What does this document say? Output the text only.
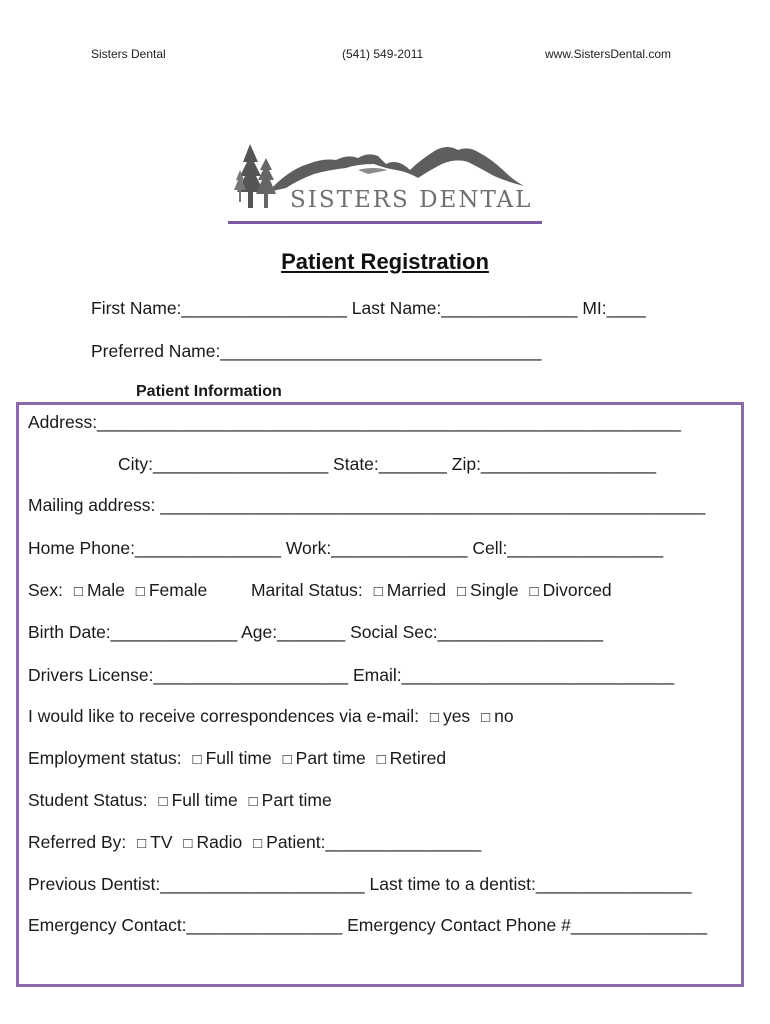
Sisters Dental	(541) 549-2011	www.SistersDental.com
SISTERS DENTAL
Patient Registration
First Name:_________________ Last Name:______________ MI:____
Preferred Name:_________________________________
Patient Information
Address:____________________________________________________________
City:__________________ State:_______ Zip:__________________
Mailing address: ________________________________________________________
Home Phone:_______________ Work:______________ Cell:________________
Sex: □ Male □ Female	Marital Status: □ Married □ Single □ Divorced
Birth Date:_____________ Age:_______ Social Sec:_________________
Drivers License:____________________ Email:____________________________
I would like to receive correspondences via e-mail: □ yes □ no
Employment status: □ Full time □ Part time □ Retired
Student Status: □ Full time □ Part time
Referred By: □ TV □ Radio □ Patient:________________
Previous Dentist:_____________________ Last time to a dentist:________________
Emergency Contact:________________ Emergency Contact Phone #______________
